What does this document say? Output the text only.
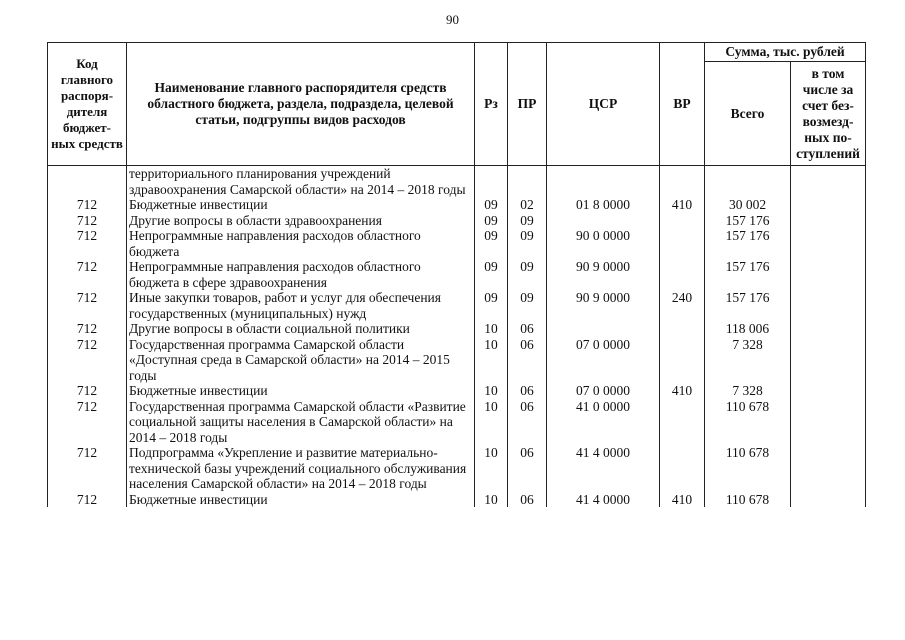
90
Код главного распоря- дителя бюджет- ных средств	Наименование главного распорядителя средств областного бюджета, раздела, подраздела, целевой статьи, подгруппы видов расходов	Рз	ПР	ЦСР	ВР	Сумма, тыс. рублей	
						Всего	в том числе за счет без- возмезд- ных по- ступлений
	территориального планирования учреждений здравоохранения Самарской области» на 2014 – 2018 годы						
712	Бюджетные инвестиции	09	02	01 8 0000	410	30 002	
712	Другие вопросы в области здравоохранения	09	09			157 176	
712	Непрограммные направления расходов областного бюджета	09	09	90 0 0000		157 176	
712	Непрограммные направления расходов областного бюджета в сфере здравоохранения	09	09	90 9 0000		157 176	
712	Иные закупки товаров, работ и услуг для обеспечения государственных (муниципальных) нужд	09	09	90 9 0000	240	157 176	
712	Другие вопросы в области социальной политики	10	06			118 006	
712	Государственная программа Самарской области «Доступная среда в Самарской области» на 2014 – 2015 годы	10	06	07 0 0000		7 328	
712	Бюджетные инвестиции	10	06	07 0 0000	410	7 328	
712	Государственная программа Самарской области «Развитие социальной защиты населения в Самарской области» на 2014 – 2018 годы	10	06	41 0 0000		110 678	
712	Подпрограмма «Укрепление и развитие материально-технической базы учреждений социального обслуживания населения Самарской области» на 2014 – 2018 годы	10	06	41 4 0000		110 678	
712	Бюджетные инвестиции	10	06	41 4 0000	410	110 678	
